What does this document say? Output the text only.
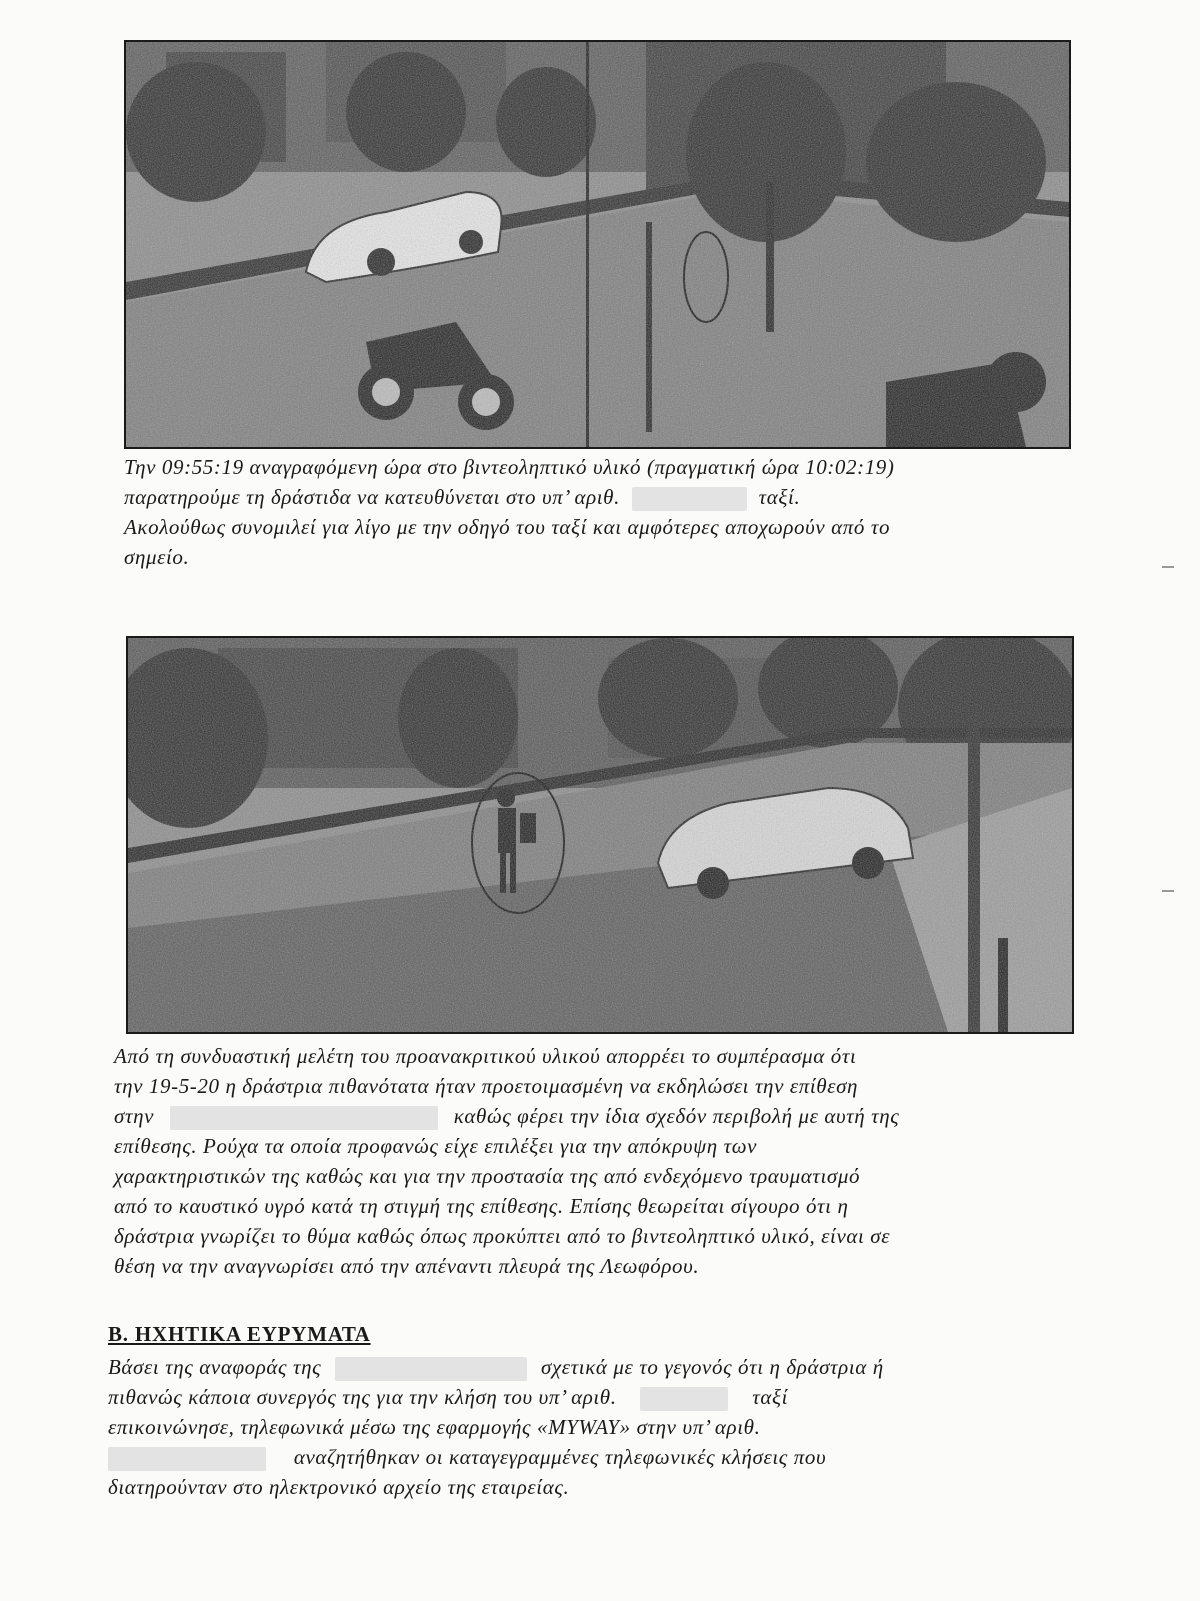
Την 09:55:19 αναγραφόμενη ώρα στο βιντεοληπτικό υλικό (πραγματική ώρα 10:02:19)
παρατηρούμε τη δράστιδα να κατευθύνεται στο υπ’ αριθ.	ταξί.
Ακολούθως συνομιλεί για λίγο με την οδηγό του ταξί και αμφότερες αποχωρούν από το
σημείο.

Από τη συνδυαστική μελέτη του προανακριτικού υλικού απορρέει το συμπέρασμα ότι
την 19-5-20 η δράστρια πιθανότατα ήταν προετοιμασμένη να εκδηλώσει την επίθεση
στην	καθώς φέρει την ίδια σχεδόν περιβολή με αυτή της
επίθεσης. Ρούχα τα οποία προφανώς είχε επιλέξει για την απόκρυψη των
χαρακτηριστικών της καθώς και για την προστασία της από ενδεχόμενο τραυματισμό
από το καυστικό υγρό κατά τη στιγμή της επίθεσης. Επίσης θεωρείται σίγουρο ότι η
δράστρια γνωρίζει το θύμα καθώς όπως προκύπτει από το βιντεοληπτικό υλικό, είναι σε
θέση να την αναγνωρίσει από την απέναντι πλευρά της Λεωφόρου.

Β. ΗΧΗΤΙΚΑ ΕΥΡΥΜΑΤΑ

Βάσει της αναφοράς της	σχετικά με το γεγονός ότι η δράστρια ή
πιθανώς κάποια συνεργός της για την κλήση του υπ’ αριθ.	ταξί
επικοινώνησε, τηλεφωνικά μέσω της εφαρμογής «MYWAY» στην υπ’ αριθ.
αναζητήθηκαν οι καταγεγραμμένες τηλεφωνικές κλήσεις που
διατηρούνταν στο ηλεκτρονικό αρχείο της εταιρείας.
